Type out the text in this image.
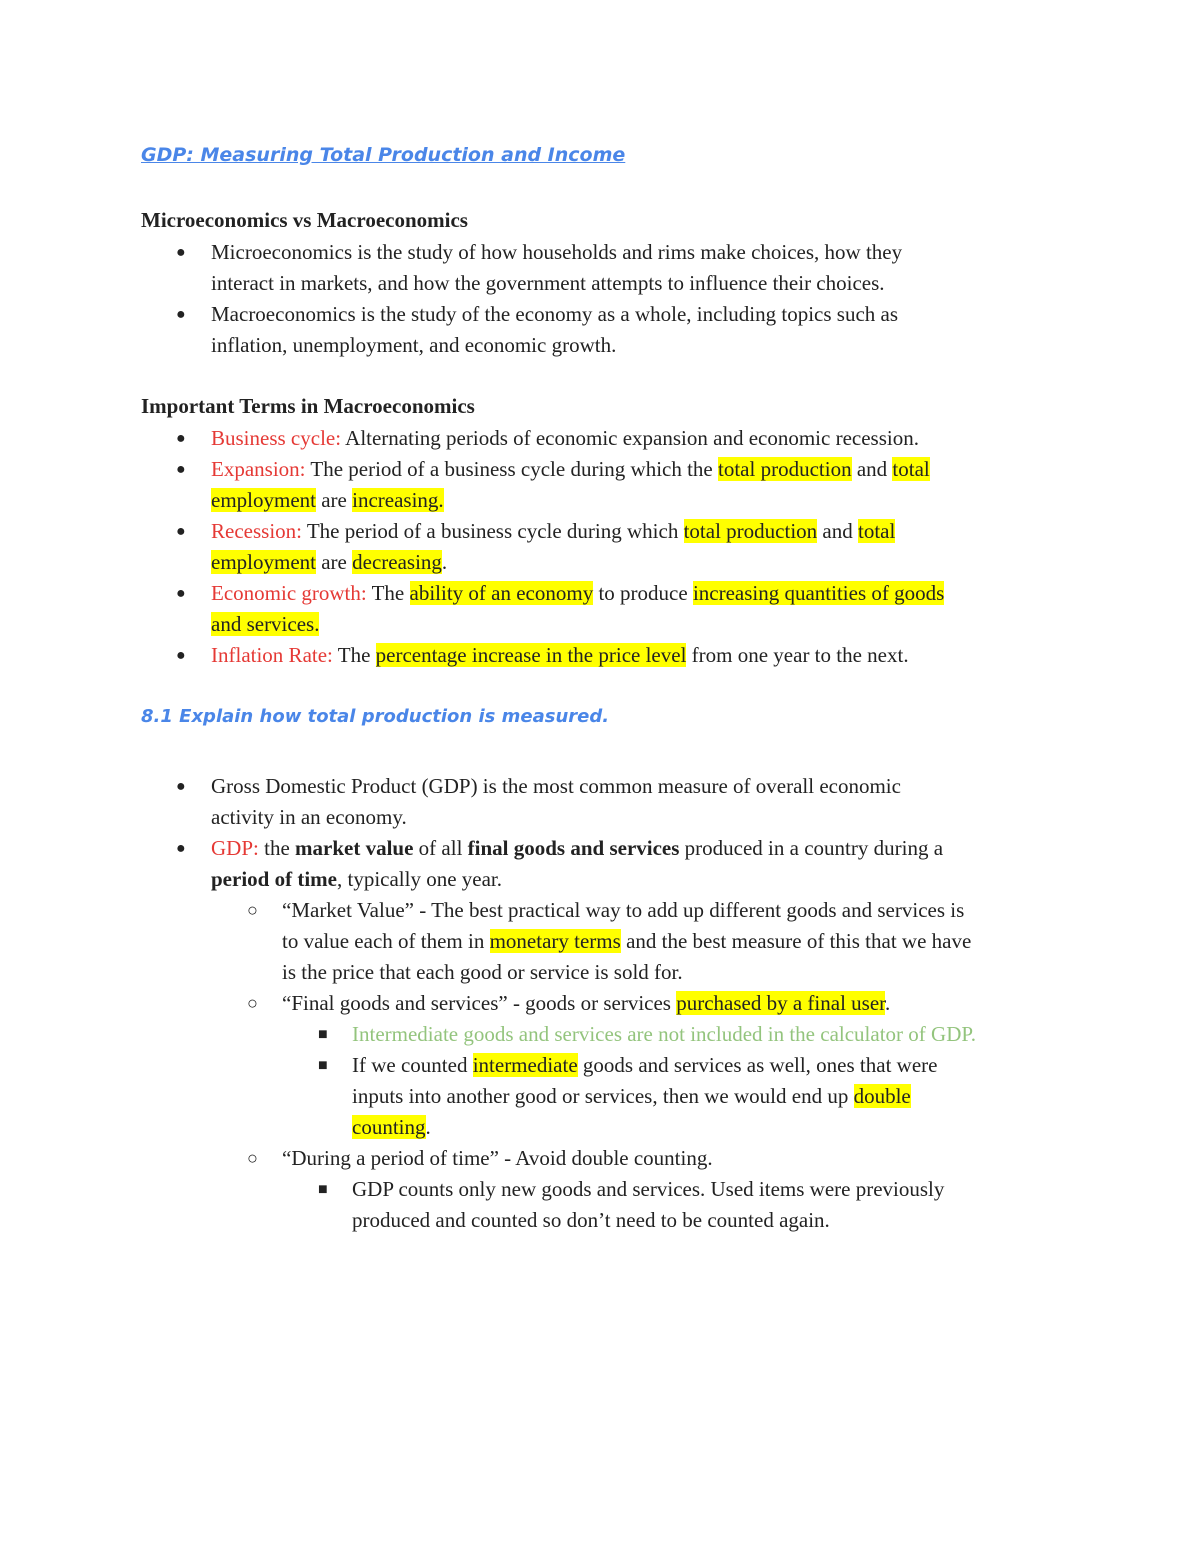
GDP: Measuring Total Production and Income
Microeconomics vs Macroeconomics
● Microeconomics is the study of how households and rims make choices, how they
interact in markets, and how the government attempts to influence their choices.
● Macroeconomics is the study of the economy as a whole, including topics such as
inflation, unemployment, and economic growth.
Important Terms in Macroeconomics
● Business cycle: Alternating periods of economic expansion and economic recession.
● Expansion: The period of a business cycle during which the total production and total
employment are increasing.
● Recession: The period of a business cycle during which total production and total
employment are decreasing.
● Economic growth: The ability of an economy to produce increasing quantities of goods
and services.
● Inflation Rate: The percentage increase in the price level from one year to the next.
8.1 Explain how total production is measured.
● Gross Domestic Product (GDP) is the most common measure of overall economic
activity in an economy.
● GDP: the market value of all final goods and services produced in a country during a
period of time, typically one year.
○ “Market Value” - The best practical way to add up different goods and services is
to value each of them in monetary terms and the best measure of this that we have
is the price that each good or service is sold for.
○ “Final goods and services” - goods or services purchased by a final user.
■ Intermediate goods and services are not included in the calculator of GDP.
■ If we counted intermediate goods and services as well, ones that were
inputs into another good or services, then we would end up double
counting.
○ “During a period of time” - Avoid double counting.
■ GDP counts only new goods and services. Used items were previously
produced and counted so don’t need to be counted again.
